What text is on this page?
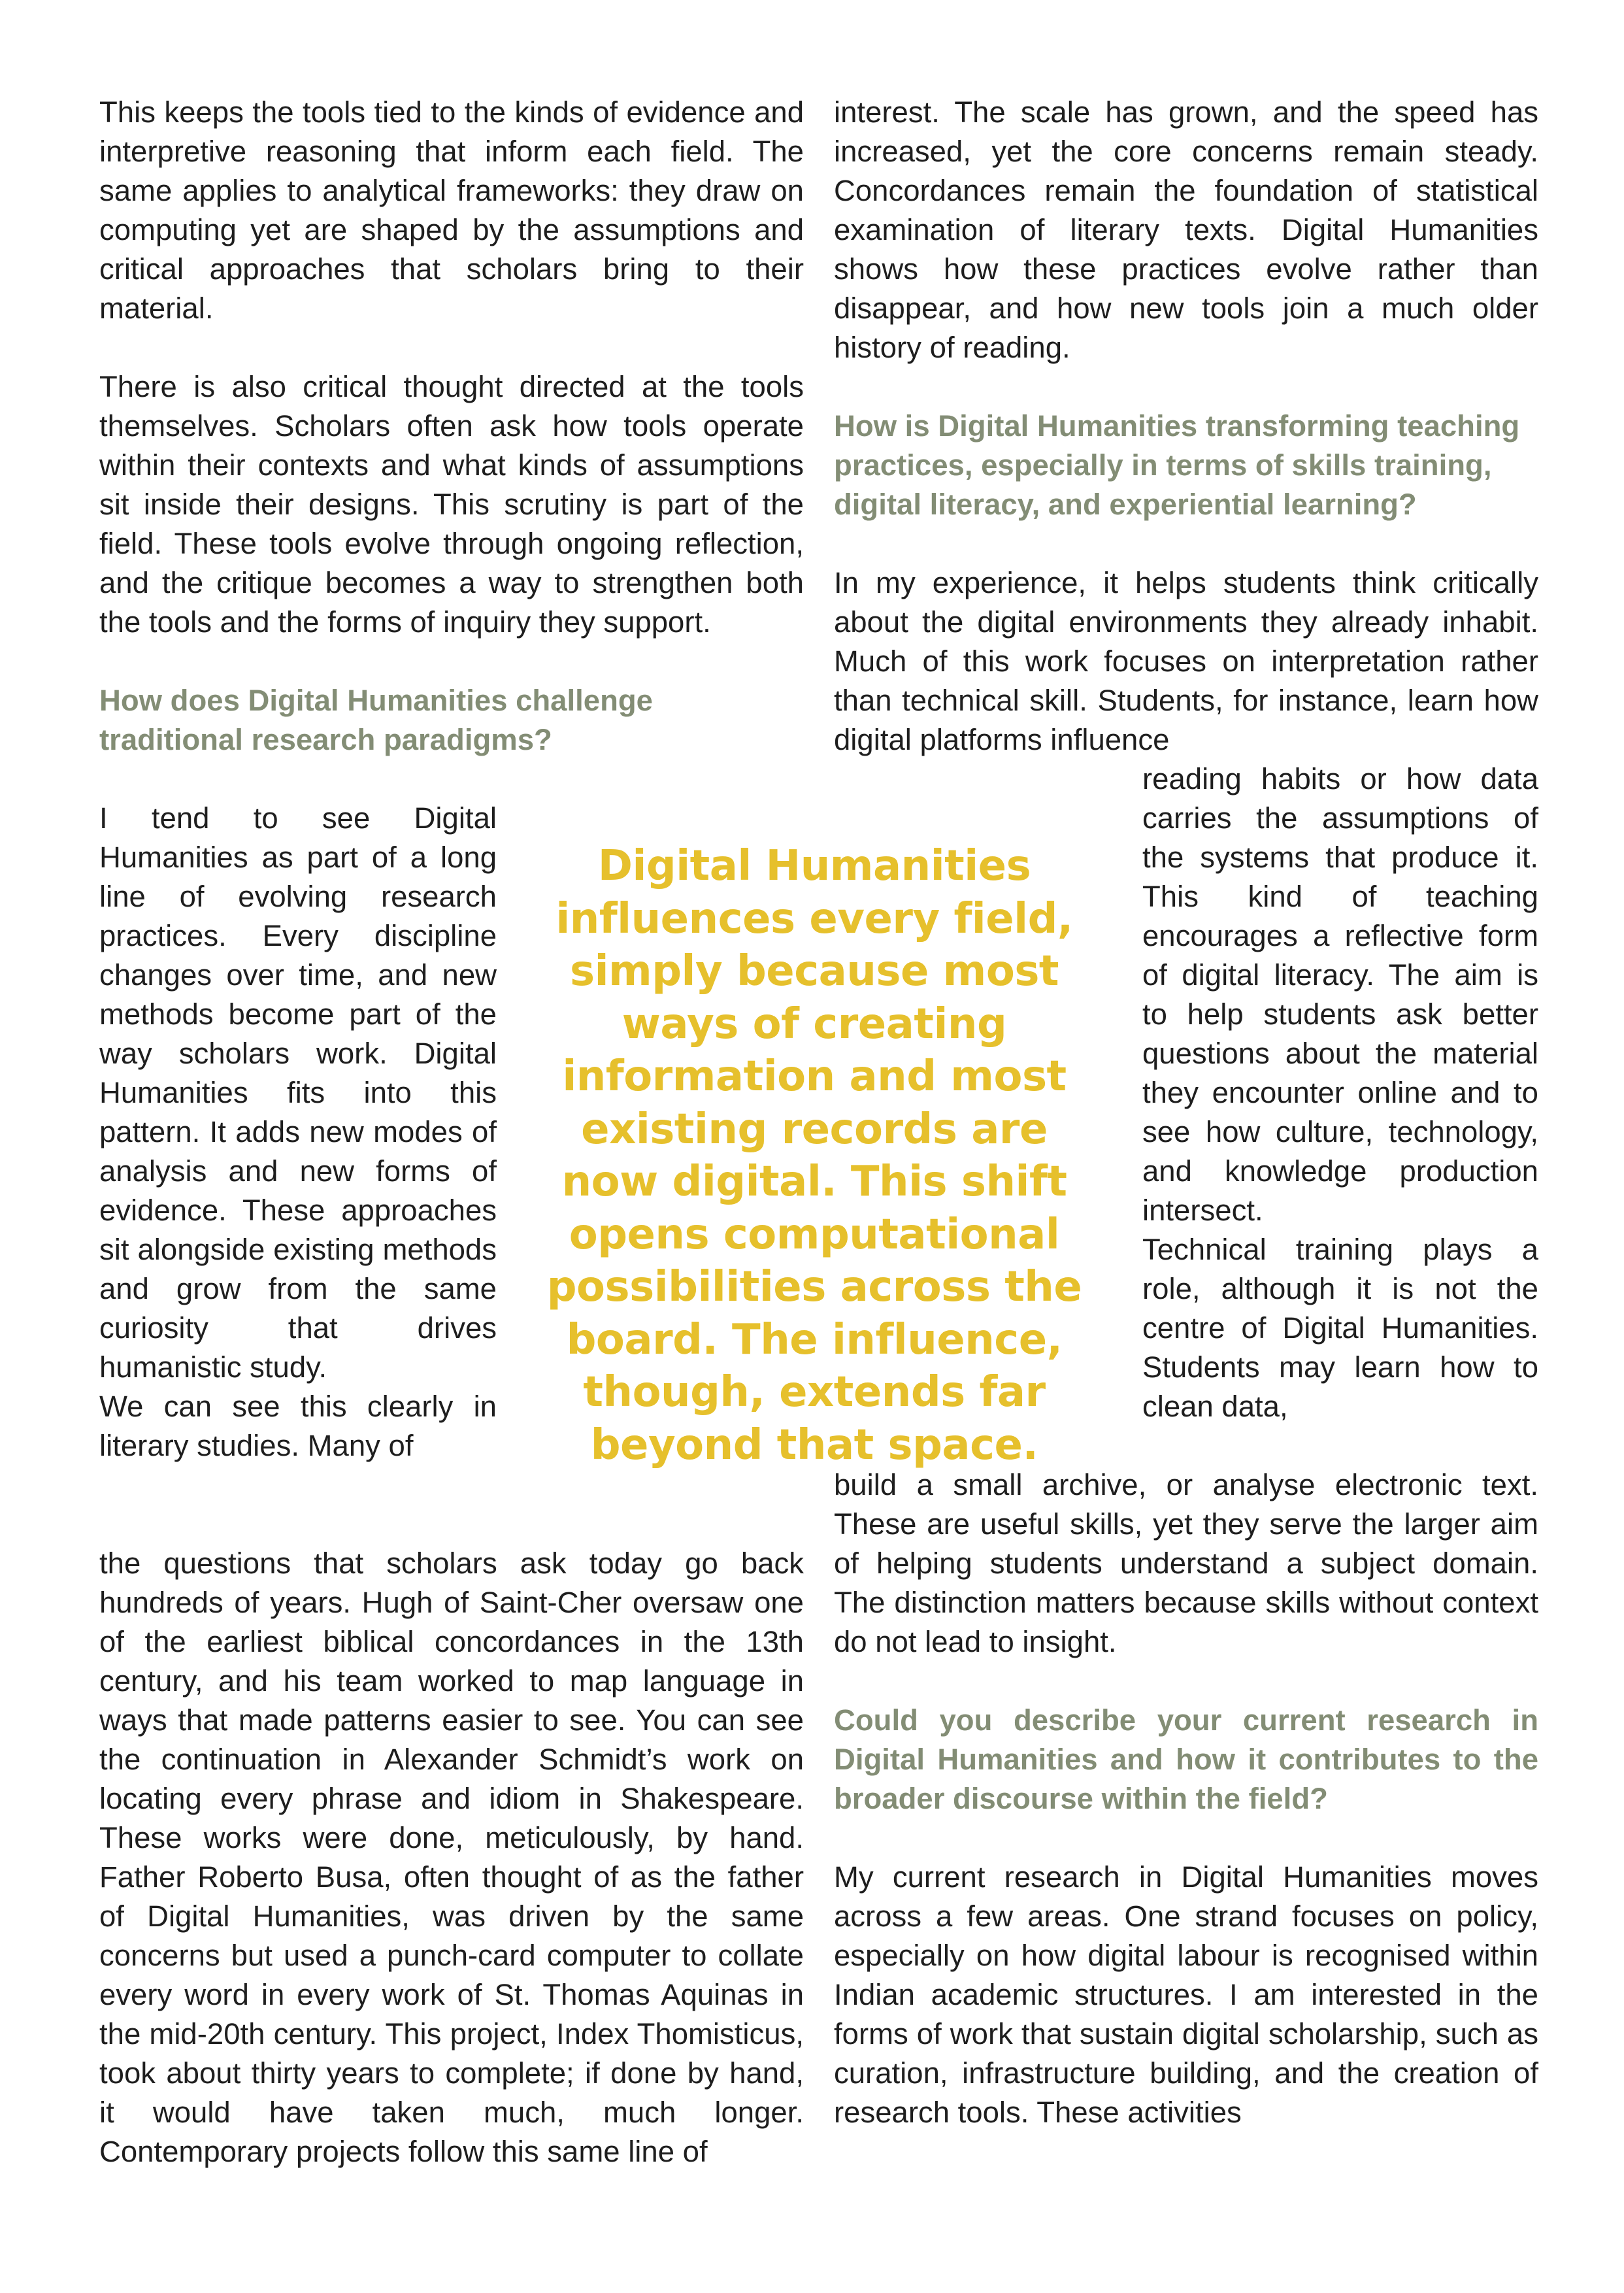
This keeps the tools tied to the kinds of evidence and interpretive reasoning that inform each field. The same applies to analytical frameworks: they draw on computing yet are shaped by the assumptions and critical approaches that scholars bring to their material.

There is also critical thought directed at the tools themselves. Scholars often ask how tools operate within their contexts and what kinds of assumptions sit inside their designs. This scrutiny is part of the field. These tools evolve through ongoing reflection, and the critique becomes a way to strengthen both the tools and the forms of inquiry they support.

How does Digital Humanities challenge traditional research paradigms?

I tend to see Digital Humanities as part of a long line of evolving research practices. Every discipline changes over time, and new methods become part of the way scholars work. Digital Humanities fits into this pattern. It adds new modes of analysis and new forms of evidence. These approaches sit alongside existing methods and grow from the same curiosity that drives humanistic study.

We can see this clearly in literary studies. Many of

the questions that scholars ask today go back hundreds of years. Hugh of Saint-Cher oversaw one of the earliest biblical concordances in the 13th century, and his team worked to map language in ways that made patterns easier to see. You can see the continuation in Alexander Schmidt’s work on locating every phrase and idiom in Shakespeare. These works were done, meticulously, by hand. Father Roberto Busa, often thought of as the father of Digital Humanities, was driven by the same concerns but used a punch-card computer to collate every word in every work of St. Thomas Aquinas in the mid-20th century. This project, Index Thomisticus, took about thirty years to complete; if done by hand, it would have taken much, much longer. Contemporary projects follow this same line of

interest. The scale has grown, and the speed has increased, yet the core concerns remain steady. Concordances remain the foundation of statistical examination of literary texts. Digital Humanities shows how these practices evolve rather than disappear, and how new tools join a much older history of reading.

How is Digital Humanities transforming teaching practices, especially in terms of skills training, digital literacy, and experiential learning?

In my experience, it helps students think critically about the digital environments they already inhabit. Much of this work focuses on interpretation rather than technical skill. Students, for instance, learn how digital platforms influence

reading habits or how data carries the assumptions of the systems that produce it. This kind of teaching encourages a reflective form of digital literacy. The aim is to help students ask better questions about the material they encounter online and to see how culture, technology, and knowledge production intersect.

Technical training plays a role, although it is not the centre of Digital Humanities. Students may learn how to clean data,

build a small archive, or analyse electronic text. These are useful skills, yet they serve the larger aim of helping students understand a subject domain. The distinction matters because skills without context do not lead to insight.

Could you describe your current research in Digital Humanities and how it contributes to the broader discourse within the field?

My current research in Digital Humanities moves across a few areas. One strand focuses on policy, especially on how digital labour is recognised within Indian academic structures. I am interested in the forms of work that sustain digital scholarship, such as curation, infrastructure building, and the creation of research tools. These activities

Digital Humanities influences every field, simply because most ways of creating information and most existing records are now digital. This shift opens computational possibilities across the board. The influence, though, extends far beyond that space.
